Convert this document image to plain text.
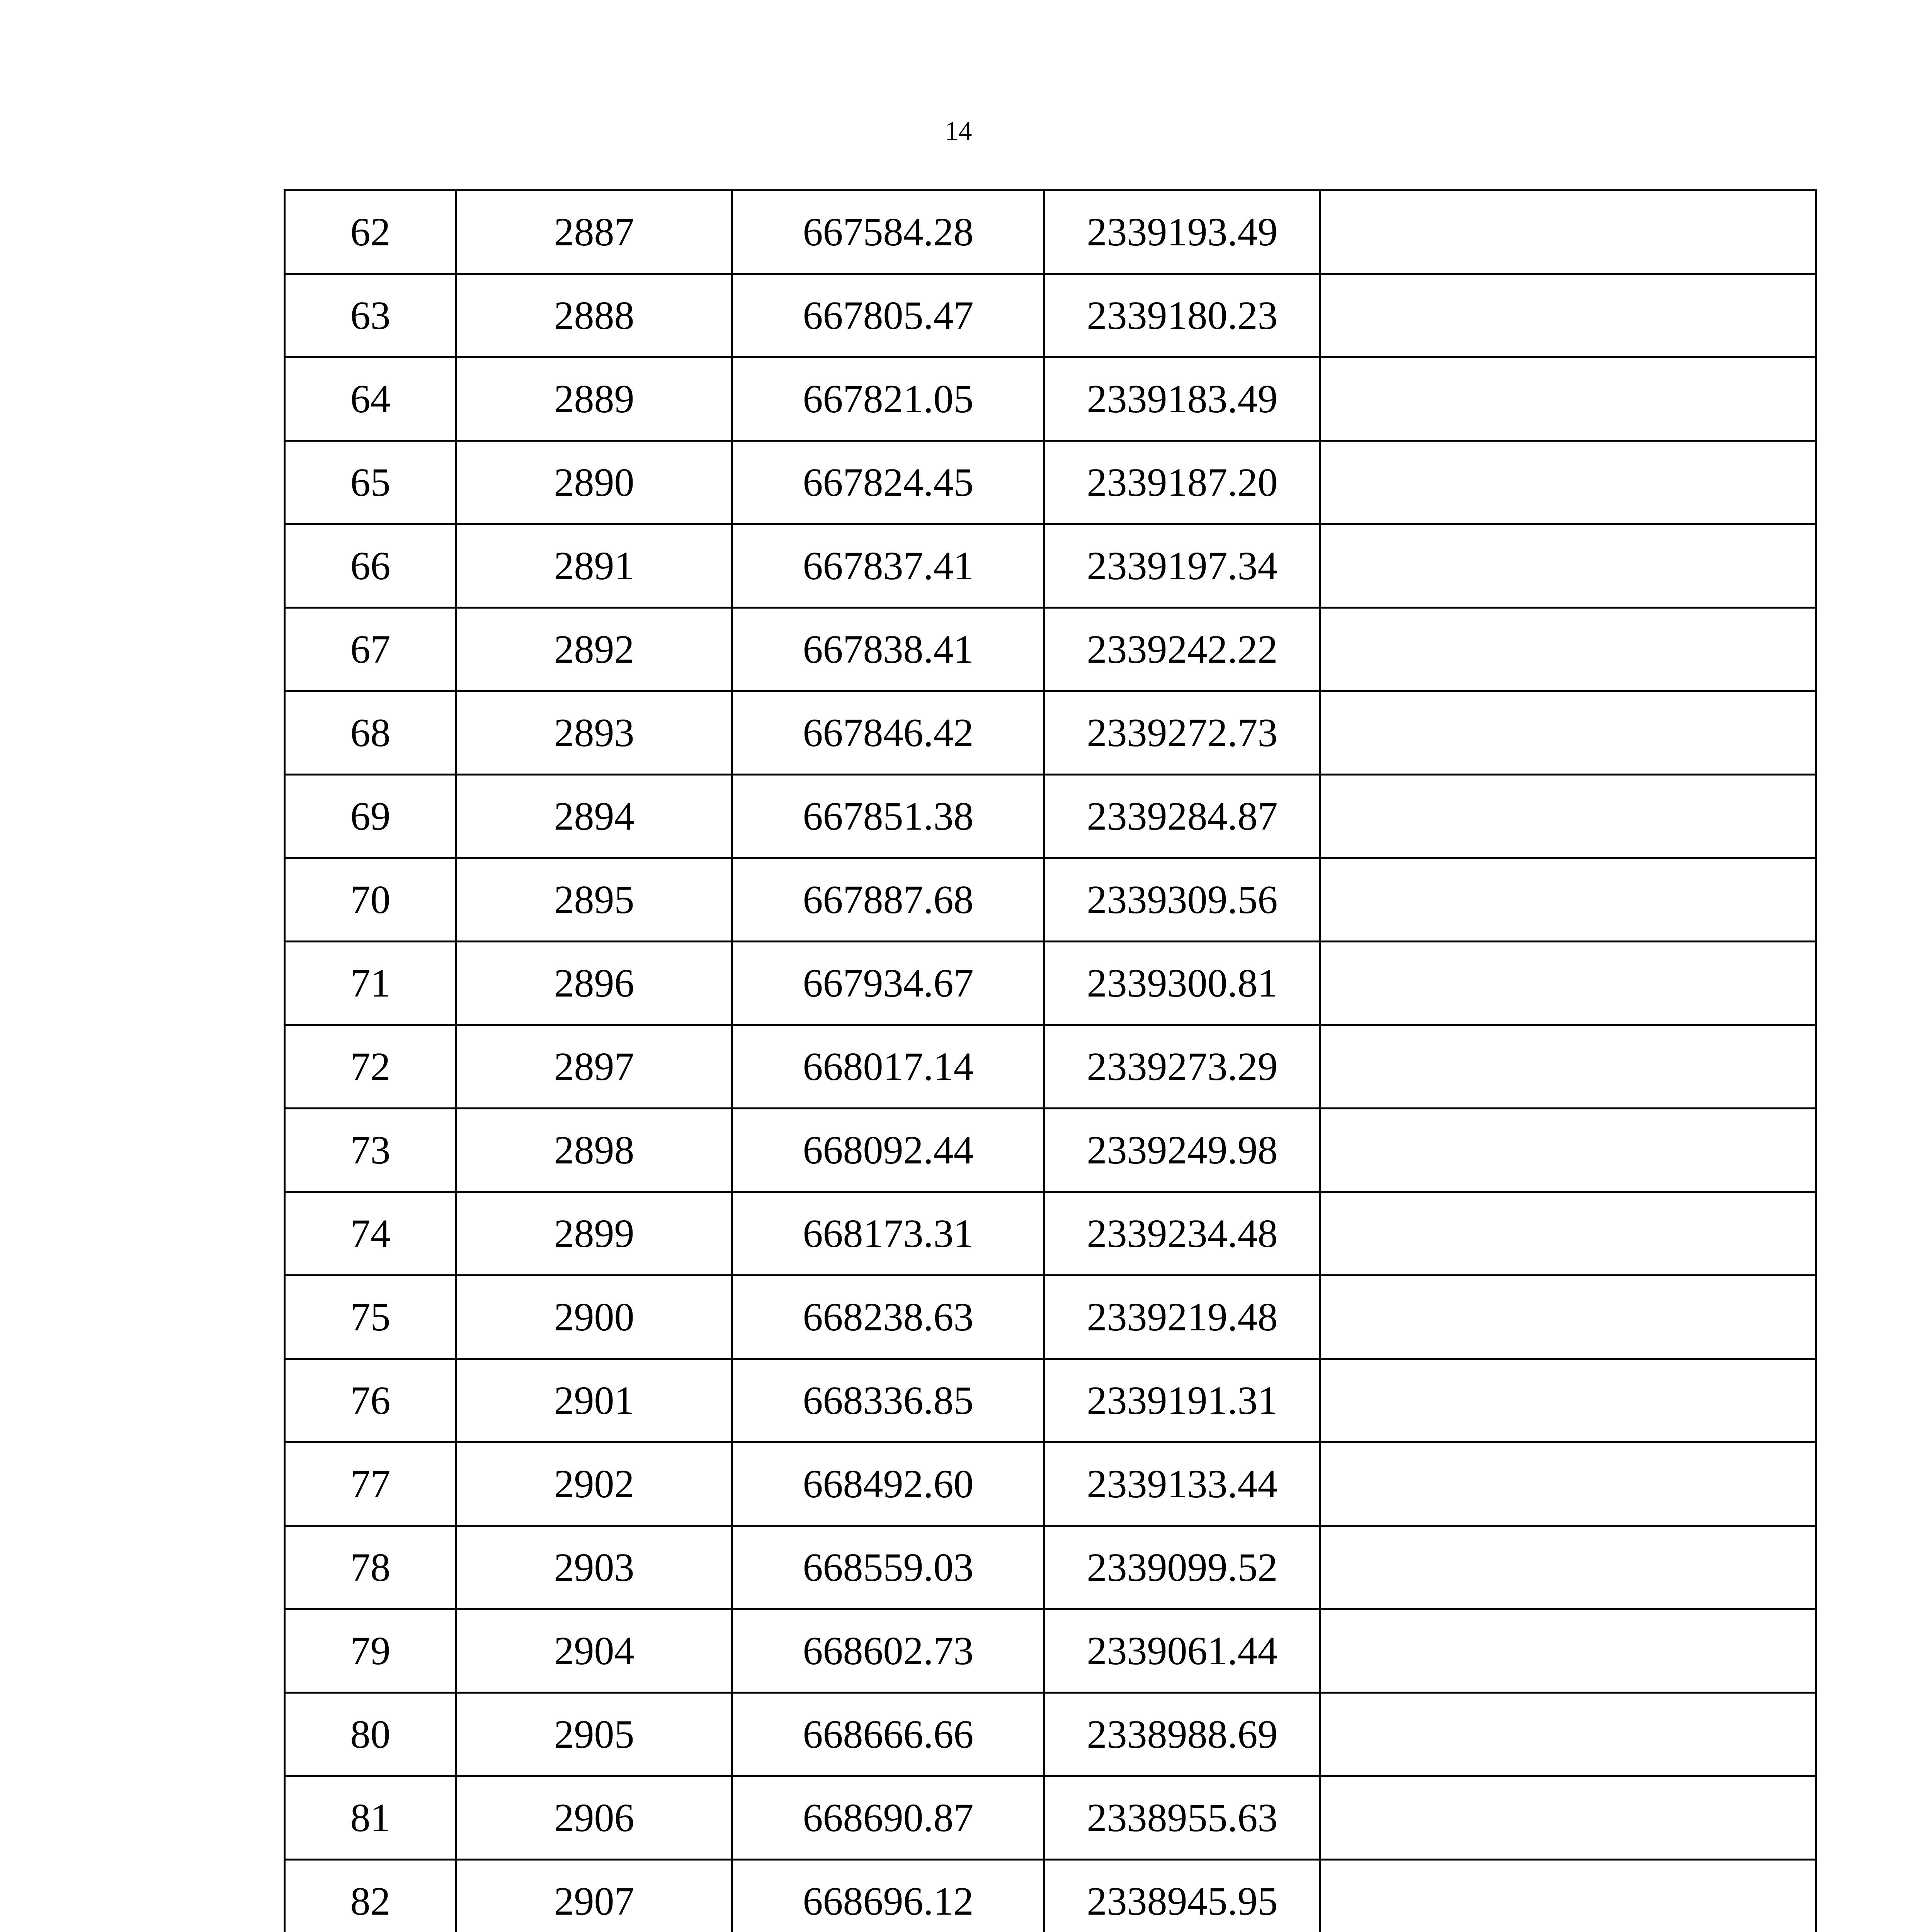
14
62	2887	667584.28	2339193.49	
63	2888	667805.47	2339180.23	
64	2889	667821.05	2339183.49	
65	2890	667824.45	2339187.20	
66	2891	667837.41	2339197.34	
67	2892	667838.41	2339242.22	
68	2893	667846.42	2339272.73	
69	2894	667851.38	2339284.87	
70	2895	667887.68	2339309.56	
71	2896	667934.67	2339300.81	
72	2897	668017.14	2339273.29	
73	2898	668092.44	2339249.98	
74	2899	668173.31	2339234.48	
75	2900	668238.63	2339219.48	
76	2901	668336.85	2339191.31	
77	2902	668492.60	2339133.44	
78	2903	668559.03	2339099.52	
79	2904	668602.73	2339061.44	
80	2905	668666.66	2338988.69	
81	2906	668690.87	2338955.63	
82	2907	668696.12	2338945.95	
